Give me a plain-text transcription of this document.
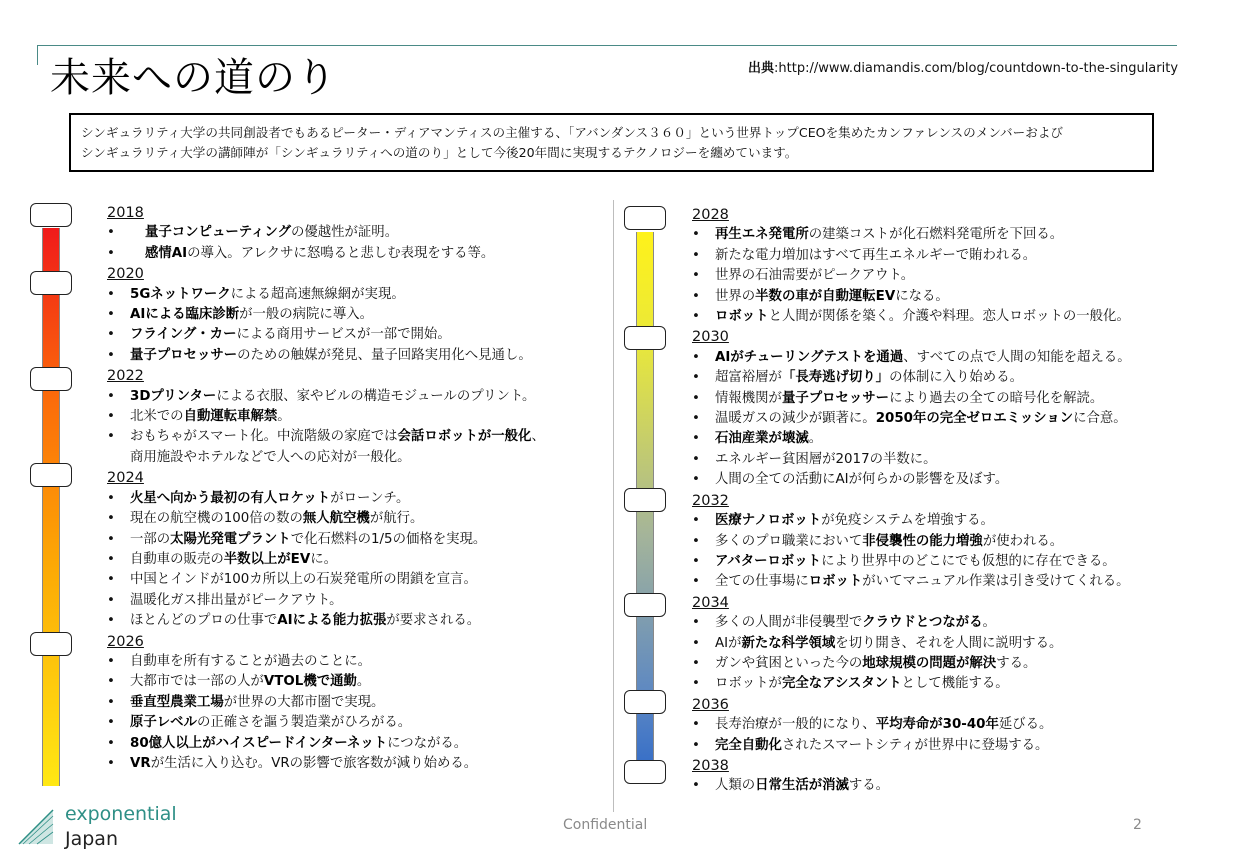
未来への道のり	出典:http://www.diamandis.com/blog/countdown-to-the-singularity
シンギュラリティ大学の共同創設者でもあるピーター・ディアマンティスの主催する、「アバンダンス３６０」という世界トップCEOを集めたカンファレンスのメンバーおよび
シンギュラリティ大学の講師陣が「シンギュラリティへの道のり」として今後20年間に実現するテクノロジーを纏めています。
2018
• 量子コンピューティングの優越性が証明。
• 感情AIの導入。アレクサに怒鳴ると悲しむ表現をする等。
2020
• 5Gネットワークによる超高速無線網が実現。
• AIによる臨床診断が一般の病院に導入。
• フライング・カーによる商用サービスが一部で開始。
• 量子プロセッサーのための触媒が発見、量子回路実用化へ見通し。
2022
• 3Dプリンターによる衣服、家やビルの構造モジュールのプリント。
• 北米での自動運転車解禁。
• おもちゃがスマート化。中流階級の家庭では会話ロボットが一般化、
商用施設やホテルなどで人への応対が一般化。
2024
• 火星へ向かう最初の有人ロケットがローンチ。
• 現在の航空機の100倍の数の無人航空機が航行。
• 一部の太陽光発電プラントで化石燃料の1/5の価格を実現。
• 自動車の販売の半数以上がEVに。
• 中国とインドが100カ所以上の石炭発電所の閉鎖を宣言。
• 温暖化ガス排出量がピークアウト。
• ほとんどのプロの仕事でAIによる能力拡張が要求される。
2026
• 自動車を所有することが過去のことに。
• 大都市では一部の人がVTOL機で通勤。
• 垂直型農業工場が世界の大都市圏で実現。
• 原子レベルの正確さを謳う製造業がひろがる。
• 80億人以上がハイスピードインターネットにつながる。
• VRが生活に入り込む。VRの影響で旅客数が減り始める。
2028
• 再生エネ発電所の建築コストが化石燃料発電所を下回る。
• 新たな電力増加はすべて再生エネルギーで賄われる。
• 世界の石油需要がピークアウト。
• 世界の半数の車が自動運転EVになる。
• ロボットと人間が関係を築く。介護や料理。恋人ロボットの一般化。
2030
• AIがチューリングテストを通過、すべての点で人間の知能を超える。
• 超富裕層が「長寿逃げ切り」の体制に入り始める。
• 情報機関が量子プロセッサーにより過去の全ての暗号化を解読。
• 温暖ガスの減少が顕著に。2050年の完全ゼロエミッションに合意。
• 石油産業が壊滅。
• エネルギー貧困層が2017の半数に。
• 人間の全ての活動にAIが何らかの影響を及ぼす。
2032
• 医療ナノロボットが免疫システムを増強する。
• 多くのプロ職業において非侵襲性の能力増強が使われる。
• アバターロボットにより世界中のどこにでも仮想的に存在できる。
• 全ての仕事場にロボットがいてマニュアル作業は引き受けてくれる。
2034
• 多くの人間が非侵襲型でクラウドとつながる。
• AIが新たな科学領域を切り開き、それを人間に説明する。
• ガンや貧困といった今の地球規模の問題が解決する。
• ロボットが完全なアシスタントとして機能する。
2036
• 長寿治療が一般的になり、平均寿命が30-40年延びる。
• 完全自動化されたスマートシティが世界中に登場する。
2038
• 人類の日常生活が消滅する。
exponential
Japan
Confidential	2
